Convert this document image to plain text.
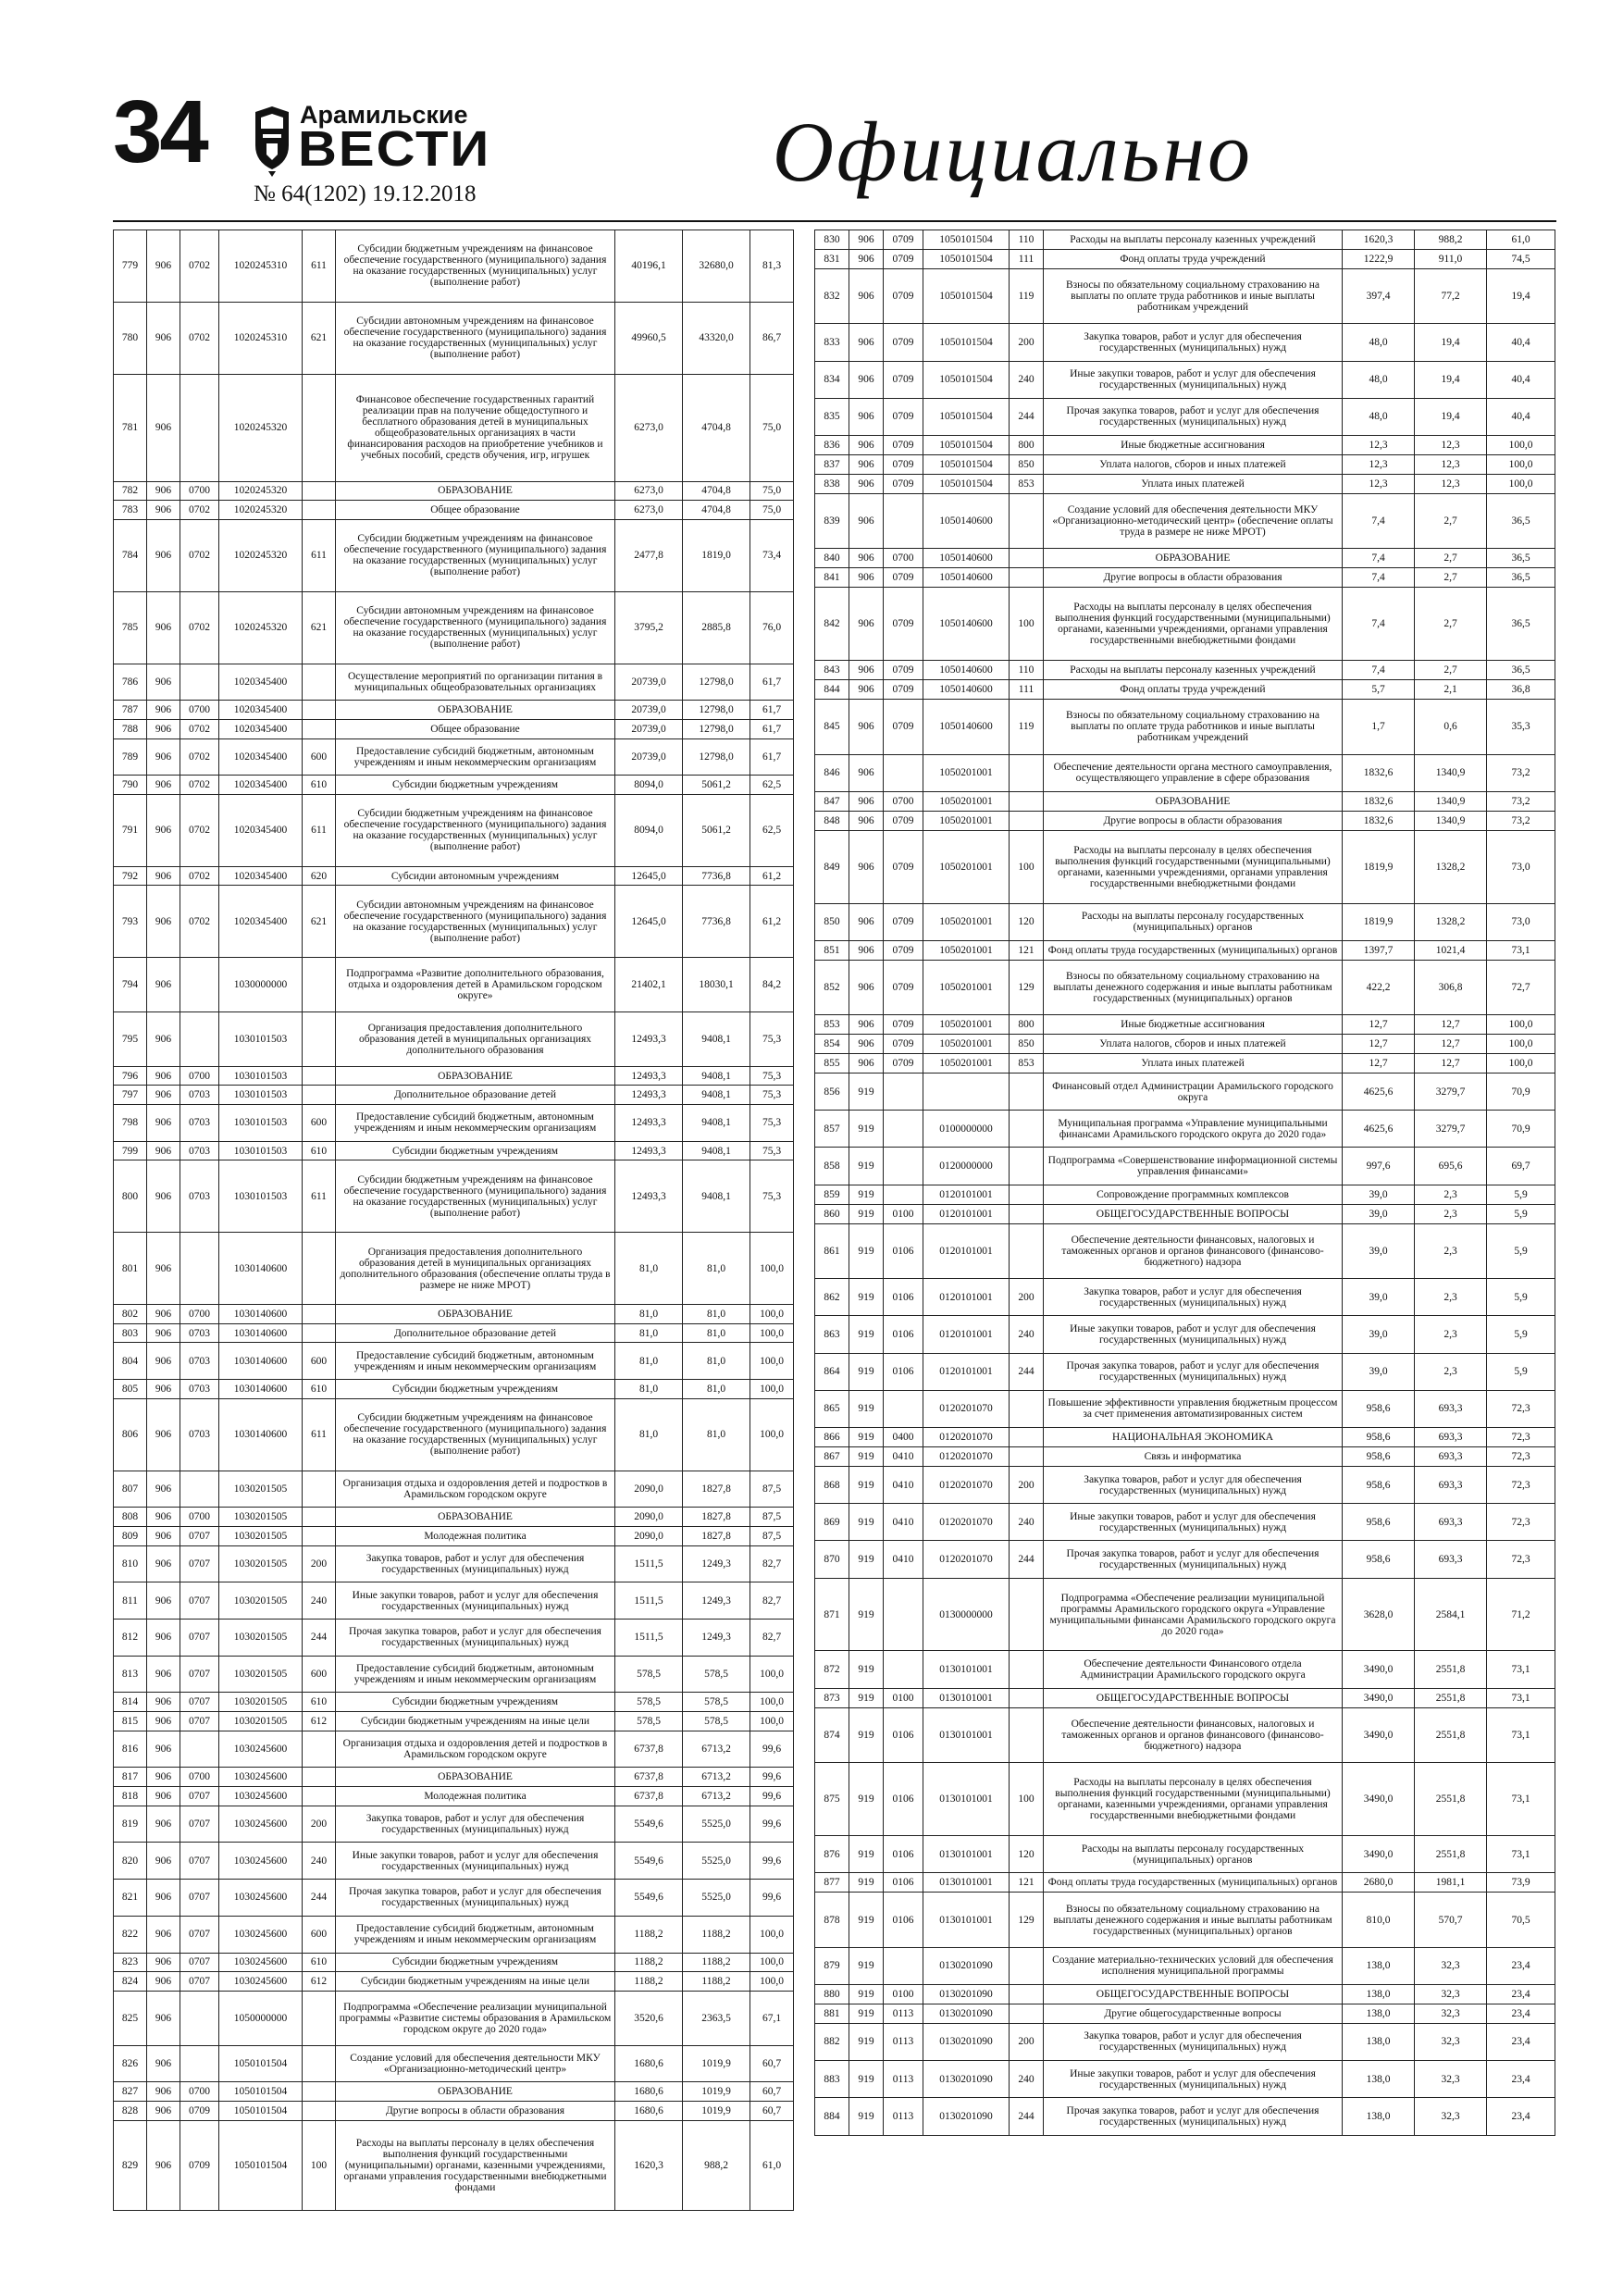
34	Арамильские
ВЕСТИ
№ 64(1202) 19.12.2018	Официально
779	906	0702	1020245310	611	Субсидии бюджетным учреждениям на финансовое обеспечение государственного (муниципального) задания на оказание государственных (муниципальных) услуг (выполнение работ)	40196,1	32680,0	81,3
780	906	0702	1020245310	621	Субсидии автономным учреждениям на финансовое обеспечение государственного (муниципального) задания на оказание государственных (муниципальных) услуг (выполнение работ)	49960,5	43320,0	86,7
781	906		1020245320		Финансовое обеспечение государственных гарантий реализации прав на получение общедоступного и бесплатного образования детей в муниципальных общеобразовательных организациях в части финансирования расходов на приобретение учебников и учебных пособий, средств обучения, игр, игрушек	6273,0	4704,8	75,0
782	906	0700	1020245320		ОБРАЗОВАНИЕ	6273,0	4704,8	75,0
783	906	0702	1020245320		Общее образование	6273,0	4704,8	75,0
784	906	0702	1020245320	611	Субсидии бюджетным учреждениям на финансовое обеспечение государственного (муниципального) задания на оказание государственных (муниципальных) услуг (выполнение работ)	2477,8	1819,0	73,4
785	906	0702	1020245320	621	Субсидии автономным учреждениям на финансовое обеспечение государственного (муниципального) задания на оказание государственных (муниципальных) услуг (выполнение работ)	3795,2	2885,8	76,0
786	906		1020345400		Осуществление мероприятий по организации питания в муниципальных общеобразовательных организациях	20739,0	12798,0	61,7
787	906	0700	1020345400		ОБРАЗОВАНИЕ	20739,0	12798,0	61,7
788	906	0702	1020345400		Общее образование	20739,0	12798,0	61,7
789	906	0702	1020345400	600	Предоставление субсидий бюджетным, автономным учреждениям и иным некоммерческим организациям	20739,0	12798,0	61,7
790	906	0702	1020345400	610	Субсидии бюджетным учреждениям	8094,0	5061,2	62,5
791	906	0702	1020345400	611	Субсидии бюджетным учреждениям на финансовое обеспечение государственного (муниципального) задания на оказание государственных (муниципальных) услуг (выполнение работ)	8094,0	5061,2	62,5
792	906	0702	1020345400	620	Субсидии автономным учреждениям	12645,0	7736,8	61,2
793	906	0702	1020345400	621	Субсидии автономным учреждениям на финансовое обеспечение государственного (муниципального) задания на оказание государственных (муниципальных) услуг (выполнение работ)	12645,0	7736,8	61,2
794	906		1030000000		Подпрограмма «Развитие дополнительного образования, отдыха и оздоровления детей в Арамильском городском округе»	21402,1	18030,1	84,2
795	906		1030101503		Организация предоставления дополнительного образования детей в муниципальных организациях дополнительного образования	12493,3	9408,1	75,3
796	906	0700	1030101503		ОБРАЗОВАНИЕ	12493,3	9408,1	75,3
797	906	0703	1030101503		Дополнительное образование детей	12493,3	9408,1	75,3
798	906	0703	1030101503	600	Предоставление субсидий бюджетным, автономным учреждениям и иным некоммерческим организациям	12493,3	9408,1	75,3
799	906	0703	1030101503	610	Субсидии бюджетным учреждениям	12493,3	9408,1	75,3
800	906	0703	1030101503	611	Субсидии бюджетным учреждениям на финансовое обеспечение государственного (муниципального) задания на оказание государственных (муниципальных) услуг (выполнение работ)	12493,3	9408,1	75,3
801	906		1030140600		Организация предоставления дополнительного образования детей в муниципальных организациях дополнительного образования (обеспечение оплаты труда в размере не ниже МРОТ)	81,0	81,0	100,0
802	906	0700	1030140600		ОБРАЗОВАНИЕ	81,0	81,0	100,0
803	906	0703	1030140600		Дополнительное образование детей	81,0	81,0	100,0
804	906	0703	1030140600	600	Предоставление субсидий бюджетным, автономным учреждениям и иным некоммерческим организациям	81,0	81,0	100,0
805	906	0703	1030140600	610	Субсидии бюджетным учреждениям	81,0	81,0	100,0
806	906	0703	1030140600	611	Субсидии бюджетным учреждениям на финансовое обеспечение государственного (муниципального) задания на оказание государственных (муниципальных) услуг (выполнение работ)	81,0	81,0	100,0
807	906		1030201505		Организация отдыха и оздоровления детей и подростков в Арамильском городском округе	2090,0	1827,8	87,5
808	906	0700	1030201505		ОБРАЗОВАНИЕ	2090,0	1827,8	87,5
809	906	0707	1030201505		Молодежная политика	2090,0	1827,8	87,5
810	906	0707	1030201505	200	Закупка товаров, работ и услуг для обеспечения государственных (муниципальных) нужд	1511,5	1249,3	82,7
811	906	0707	1030201505	240	Иные закупки товаров, работ и услуг для обеспечения государственных (муниципальных) нужд	1511,5	1249,3	82,7
812	906	0707	1030201505	244	Прочая закупка товаров, работ и услуг для обеспечения государственных (муниципальных) нужд	1511,5	1249,3	82,7
813	906	0707	1030201505	600	Предоставление субсидий бюджетным, автономным учреждениям и иным некоммерческим организациям	578,5	578,5	100,0
814	906	0707	1030201505	610	Субсидии бюджетным учреждениям	578,5	578,5	100,0
815	906	0707	1030201505	612	Субсидии бюджетным учреждениям на иные цели	578,5	578,5	100,0
816	906		1030245600		Организация отдыха и оздоровления детей и подростков в Арамильском городском округе	6737,8	6713,2	99,6
817	906	0700	1030245600		ОБРАЗОВАНИЕ	6737,8	6713,2	99,6
818	906	0707	1030245600		Молодежная политика	6737,8	6713,2	99,6
819	906	0707	1030245600	200	Закупка товаров, работ и услуг для обеспечения государственных (муниципальных) нужд	5549,6	5525,0	99,6
820	906	0707	1030245600	240	Иные закупки товаров, работ и услуг для обеспечения государственных (муниципальных) нужд	5549,6	5525,0	99,6
821	906	0707	1030245600	244	Прочая закупка товаров, работ и услуг для обеспечения государственных (муниципальных) нужд	5549,6	5525,0	99,6
822	906	0707	1030245600	600	Предоставление субсидий бюджетным, автономным учреждениям и иным некоммерческим организациям	1188,2	1188,2	100,0
823	906	0707	1030245600	610	Субсидии бюджетным учреждениям	1188,2	1188,2	100,0
824	906	0707	1030245600	612	Субсидии бюджетным учреждениям на иные цели	1188,2	1188,2	100,0
825	906		1050000000		Подпрограмма «Обеспечение реализации муниципальной программы «Развитие системы образования в Арамильском городском округе до 2020 года»	3520,6	2363,5	67,1
826	906		1050101504		Создание условий для обеспечения деятельности МКУ «Организационно-методический центр»	1680,6	1019,9	60,7
827	906	0700	1050101504		ОБРАЗОВАНИЕ	1680,6	1019,9	60,7
828	906	0709	1050101504		Другие вопросы в области образования	1680,6	1019,9	60,7
829	906	0709	1050101504	100	Расходы на выплаты персоналу в целях обеспечения выполнения функций государственными (муниципальными) органами, казенными учреждениями, органами управления государственными внебюджетными фондами	1620,3	988,2	61,0
830	906	0709	1050101504	110	Расходы на выплаты персоналу казенных учреждений	1620,3	988,2	61,0
831	906	0709	1050101504	111	Фонд оплаты труда учреждений	1222,9	911,0	74,5
832	906	0709	1050101504	119	Взносы по обязательному социальному страхованию на выплаты по оплате труда работников и иные выплаты работникам учреждений	397,4	77,2	19,4
833	906	0709	1050101504	200	Закупка товаров, работ и услуг для обеспечения государственных (муниципальных) нужд	48,0	19,4	40,4
834	906	0709	1050101504	240	Иные закупки товаров, работ и услуг для обеспечения государственных (муниципальных) нужд	48,0	19,4	40,4
835	906	0709	1050101504	244	Прочая закупка товаров, работ и услуг для обеспечения государственных (муниципальных) нужд	48,0	19,4	40,4
836	906	0709	1050101504	800	Иные бюджетные ассигнования	12,3	12,3	100,0
837	906	0709	1050101504	850	Уплата налогов, сборов и иных платежей	12,3	12,3	100,0
838	906	0709	1050101504	853	Уплата иных платежей	12,3	12,3	100,0
839	906		1050140600		Создание условий для обеспечения деятельности МКУ «Организационно-методический центр» (обеспечение оплаты труда в размере не ниже МРОТ)	7,4	2,7	36,5
840	906	0700	1050140600		ОБРАЗОВАНИЕ	7,4	2,7	36,5
841	906	0709	1050140600		Другие вопросы в области образования	7,4	2,7	36,5
842	906	0709	1050140600	100	Расходы на выплаты персоналу в целях обеспечения выполнения функций государственными (муниципальными) органами, казенными учреждениями, органами управления государственными внебюджетными фондами	7,4	2,7	36,5
843	906	0709	1050140600	110	Расходы на выплаты персоналу казенных учреждений	7,4	2,7	36,5
844	906	0709	1050140600	111	Фонд оплаты труда учреждений	5,7	2,1	36,8
845	906	0709	1050140600	119	Взносы по обязательному социальному страхованию на выплаты по оплате труда работников и иные выплаты работникам учреждений	1,7	0,6	35,3
846	906		1050201001		Обеспечение деятельности органа местного самоуправления, осуществляющего управление в сфере образования	1832,6	1340,9	73,2
847	906	0700	1050201001		ОБРАЗОВАНИЕ	1832,6	1340,9	73,2
848	906	0709	1050201001		Другие вопросы в области образования	1832,6	1340,9	73,2
849	906	0709	1050201001	100	Расходы на выплаты персоналу в целях обеспечения выполнения функций государственными (муниципальными) органами, казенными учреждениями, органами управления государственными внебюджетными фондами	1819,9	1328,2	73,0
850	906	0709	1050201001	120	Расходы на выплаты персоналу государственных (муниципальных) органов	1819,9	1328,2	73,0
851	906	0709	1050201001	121	Фонд оплаты труда государственных (муниципальных) органов	1397,7	1021,4	73,1
852	906	0709	1050201001	129	Взносы по обязательному социальному страхованию на выплаты денежного содержания и иные выплаты работникам государственных (муниципальных) органов	422,2	306,8	72,7
853	906	0709	1050201001	800	Иные бюджетные ассигнования	12,7	12,7	100,0
854	906	0709	1050201001	850	Уплата налогов, сборов и иных платежей	12,7	12,7	100,0
855	906	0709	1050201001	853	Уплата иных платежей	12,7	12,7	100,0
856	919				Финансовый отдел Администрации Арамильского городского округа	4625,6	3279,7	70,9
857	919		0100000000		Муниципальная программа «Управление муниципальными финансами Арамильского городского округа до 2020 года»	4625,6	3279,7	70,9
858	919		0120000000		Подпрограмма «Совершенствование информационной системы управления финансами»	997,6	695,6	69,7
859	919		0120101001		Сопровождение программных комплексов	39,0	2,3	5,9
860	919	0100	0120101001		ОБЩЕГОСУДАРСТВЕННЫЕ ВОПРОСЫ	39,0	2,3	5,9
861	919	0106	0120101001		Обеспечение деятельности финансовых, налоговых и таможенных органов и органов финансового (финансово-бюджетного) надзора	39,0	2,3	5,9
862	919	0106	0120101001	200	Закупка товаров, работ и услуг для обеспечения государственных (муниципальных) нужд	39,0	2,3	5,9
863	919	0106	0120101001	240	Иные закупки товаров, работ и услуг для обеспечения государственных (муниципальных) нужд	39,0	2,3	5,9
864	919	0106	0120101001	244	Прочая закупка товаров, работ и услуг для обеспечения государственных (муниципальных) нужд	39,0	2,3	5,9
865	919		0120201070		Повышение эффективности управления бюджетным процессом за счет применения автоматизированных систем	958,6	693,3	72,3
866	919	0400	0120201070		НАЦИОНАЛЬНАЯ ЭКОНОМИКА	958,6	693,3	72,3
867	919	0410	0120201070		Связь и информатика	958,6	693,3	72,3
868	919	0410	0120201070	200	Закупка товаров, работ и услуг для обеспечения государственных (муниципальных) нужд	958,6	693,3	72,3
869	919	0410	0120201070	240	Иные закупки товаров, работ и услуг для обеспечения государственных (муниципальных) нужд	958,6	693,3	72,3
870	919	0410	0120201070	244	Прочая закупка товаров, работ и услуг для обеспечения государственных (муниципальных) нужд	958,6	693,3	72,3
871	919		0130000000		Подпрограмма «Обеспечение реализации муниципальной программы Арамильского городского округа «Управление муниципальными финансами Арамильского городского округа до 2020 года»	3628,0	2584,1	71,2
872	919		0130101001		Обеспечение деятельности Финансового отдела Администрации Арамильского городского округа	3490,0	2551,8	73,1
873	919	0100	0130101001		ОБЩЕГОСУДАРСТВЕННЫЕ ВОПРОСЫ	3490,0	2551,8	73,1
874	919	0106	0130101001		Обеспечение деятельности финансовых, налоговых и таможенных органов и органов финансового (финансово-бюджетного) надзора	3490,0	2551,8	73,1
875	919	0106	0130101001	100	Расходы на выплаты персоналу в целях обеспечения выполнения функций государственными (муниципальными) органами, казенными учреждениями, органами управления государственными внебюджетными фондами	3490,0	2551,8	73,1
876	919	0106	0130101001	120	Расходы на выплаты персоналу государственных (муниципальных) органов	3490,0	2551,8	73,1
877	919	0106	0130101001	121	Фонд оплаты труда государственных (муниципальных) органов	2680,0	1981,1	73,9
878	919	0106	0130101001	129	Взносы по обязательному социальному страхованию на выплаты денежного содержания и иные выплаты работникам государственных (муниципальных) органов	810,0	570,7	70,5
879	919		0130201090		Создание материально-технических условий для обеспечения исполнения муниципальной программы	138,0	32,3	23,4
880	919	0100	0130201090		ОБЩЕГОСУДАРСТВЕННЫЕ ВОПРОСЫ	138,0	32,3	23,4
881	919	0113	0130201090		Другие общегосударственные вопросы	138,0	32,3	23,4
882	919	0113	0130201090	200	Закупка товаров, работ и услуг для обеспечения государственных (муниципальных) нужд	138,0	32,3	23,4
883	919	0113	0130201090	240	Иные закупки товаров, работ и услуг для обеспечения государственных (муниципальных) нужд	138,0	32,3	23,4
884	919	0113	0130201090	244	Прочая закупка товаров, работ и услуг для обеспечения государственных (муниципальных) нужд	138,0	32,3	23,4
